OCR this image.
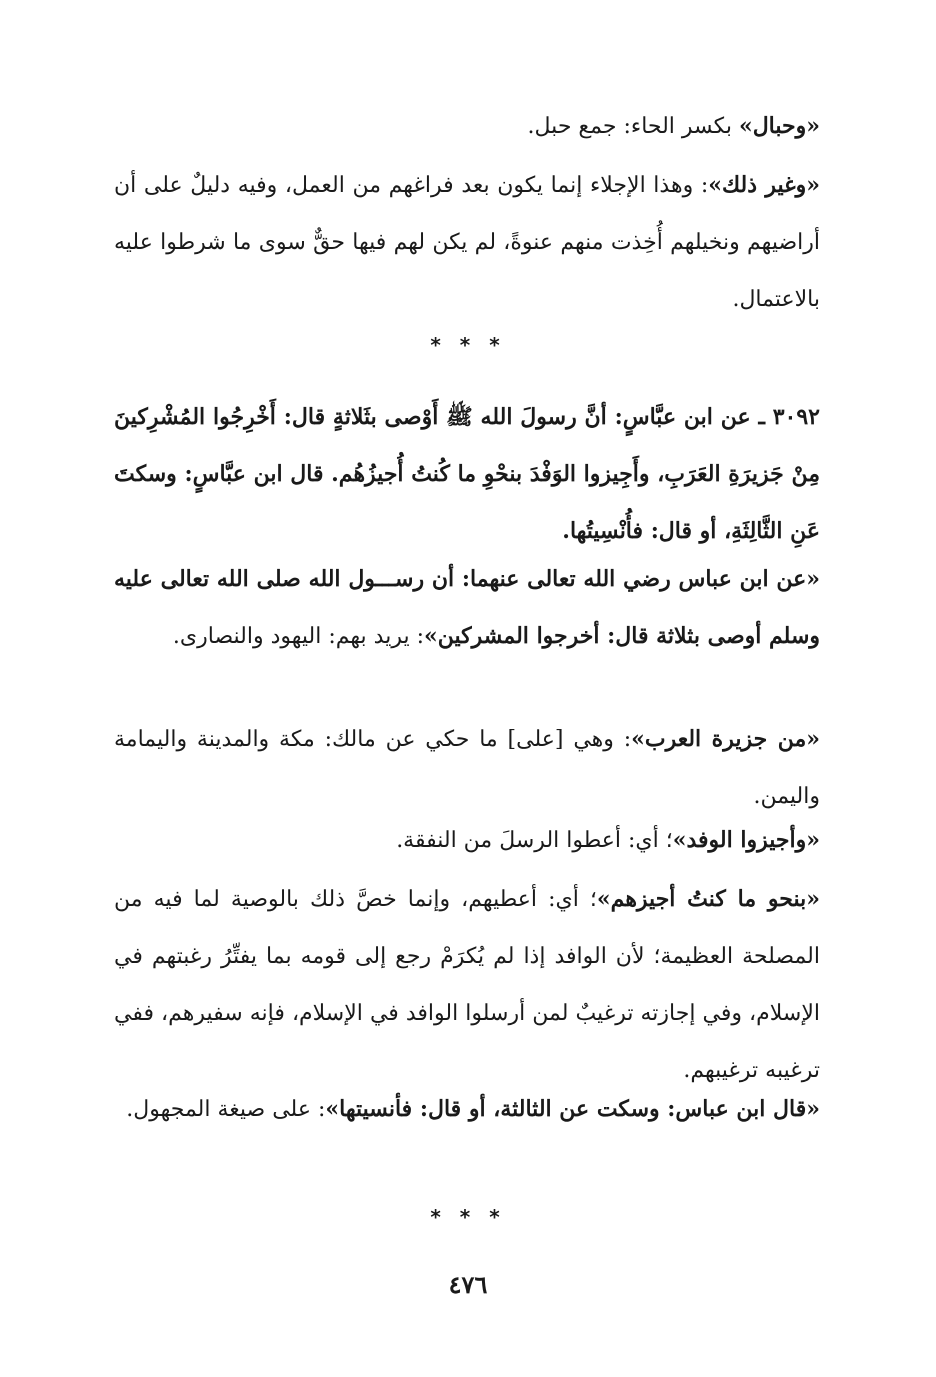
«وحبال» بكسر الحاء: جمع حبل.

«وغير ذلك»: وهذا الإجلاء إنما يكون بعد فراغهم من العمل، وفيه دليلٌ على أن أراضيهم ونخيلهم أُخِذت منهم عنوةً، لم يكن لهم فيها حقٌّ سوى ما شرطوا عليه بالاعتمال.

* * *

٣٠٩٢ ـ عن ابن عبَّاسٍ: أنَّ رسولَ الله ﷺ أَوْصى بثَلاثةٍ قال: أَخْرِجُوا المُشْرِكينَ مِنْ جَزيرَةِ العَرَبِ، وأَجِيزوا الوَفْدَ بنحْوِ ما كُنتُ أُجيزُهُم. قال ابن عبَّاسٍ: وسكتَ عَنِ الثَّالِثَةِ، أو قال: فأُنْسِيتُها.

«عن ابن عباس رضي الله تعالى عنهما: أن رســـول الله صلى الله تعالى عليه وسلم أوصى بثلاثة قال: أخرجوا المشركين»: يريد بهم: اليهود والنصارى.

«من جزيرة العرب»: وهي [على] ما حكي عن مالك: مكة والمدينة واليمامة واليمن.

«وأجيزوا الوفد»؛ أي: أعطوا الرسلَ من النفقة.

«بنحو ما كنتُ أجيزهم»؛ أي: أعطيهم، وإنما خصَّ ذلك بالوصية لما فيه من المصلحة العظيمة؛ لأن الوافد إذا لم يُكرَمْ رجع إلى قومه بما يفتِّرُ رغبتهم في الإسلام، وفي إجازته ترغيبٌ لمن أرسلوا الوافد في الإسلام، فإنه سفيرهم، ففي ترغيبه ترغيبهم.

«قال ابن عباس: وسكت عن الثالثة، أو قال: فأنسيتها»: على صيغة المجهول.

* * *
٤٧٦
